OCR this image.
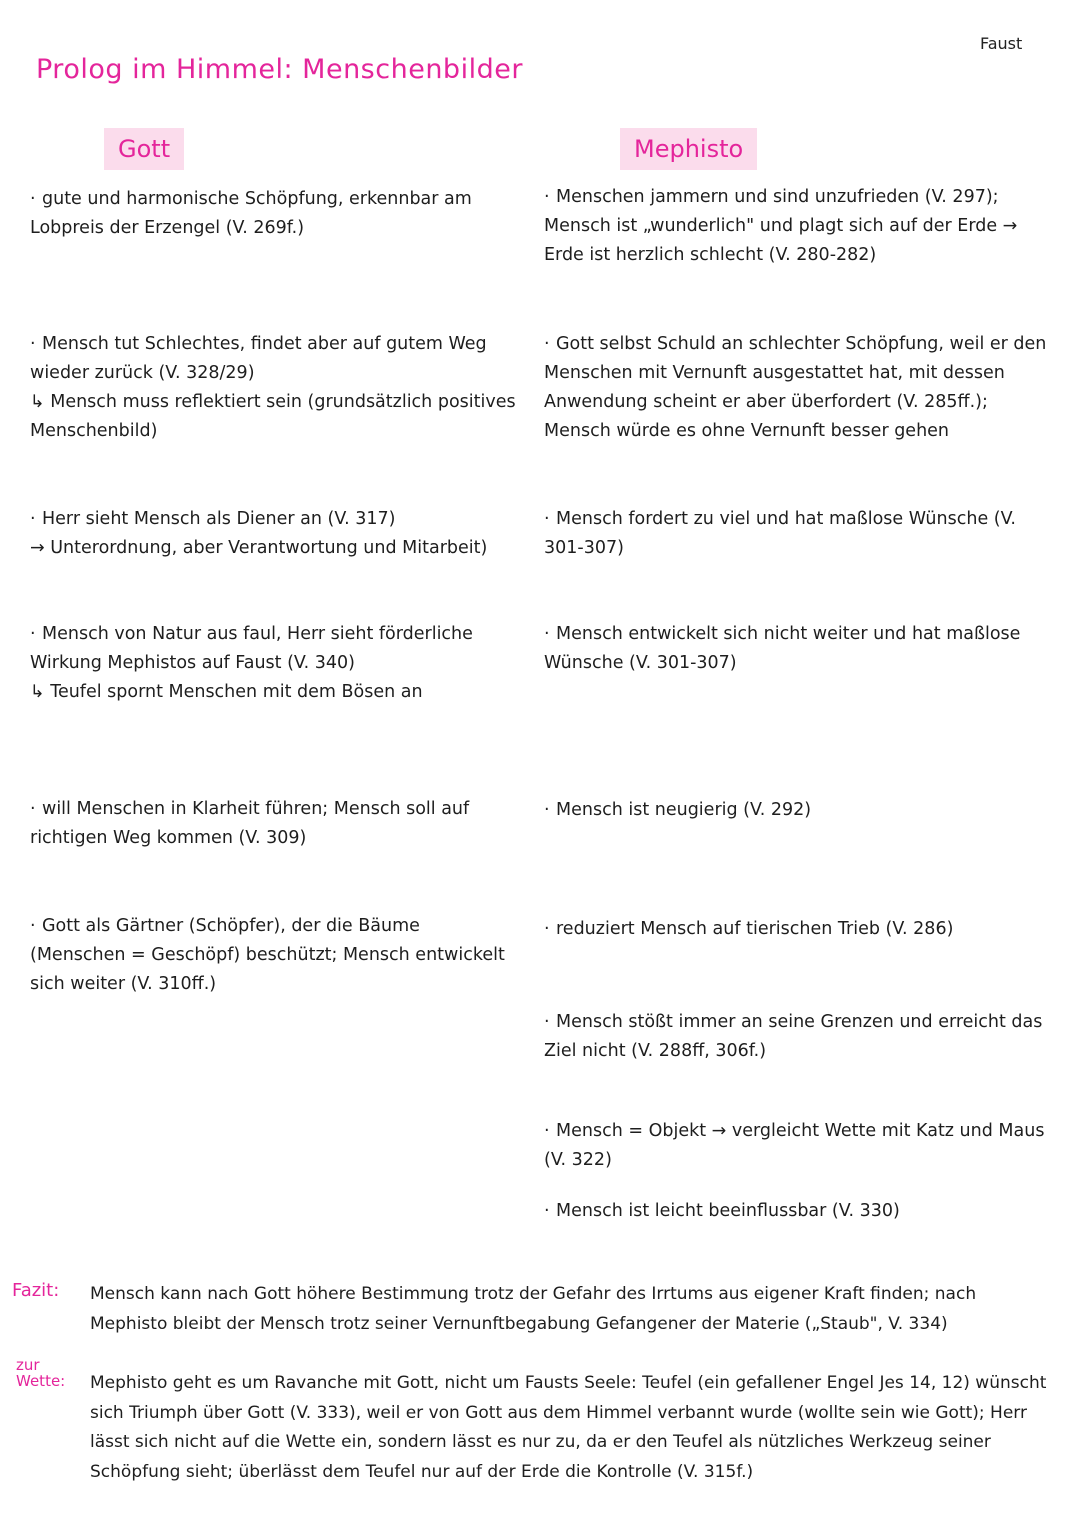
Faust
Prolog im Himmel: Menschenbilder
Gott	Mephisto
· gute und harmonische Schöpfung, erkennbar am Lobpreis der Erzengel (V. 269f.)
· Mensch tut Schlechtes, findet aber auf gutem Weg wieder zurück (V. 328/29)
↳ Mensch muss reflektiert sein (grundsätzlich positives Menschenbild)
· Herr sieht Mensch als Diener an (V. 317)
→ Unterordnung, aber Verantwortung und Mitarbeit)
· Mensch von Natur aus faul, Herr sieht förderliche Wirkung Mephistos auf Faust (V. 340)
↳ Teufel spornt Menschen mit dem Bösen an
· will Menschen in Klarheit führen; Mensch soll auf richtigen Weg kommen (V. 309)
· Gott als Gärtner (Schöpfer), der die Bäume (Menschen = Geschöpf) beschützt; Mensch entwickelt sich weiter (V. 310ff.)
· Menschen jammern und sind unzufrieden (V. 297); Mensch ist „wunderlich" und plagt sich auf der Erde → Erde ist herzlich schlecht (V. 280-282)
· Gott selbst Schuld an schlechter Schöpfung, weil er den Menschen mit Vernunft ausgestattet hat, mit dessen Anwendung scheint er aber überfordert (V. 285ff.); Mensch würde es ohne Vernunft besser gehen
· Mensch fordert zu viel und hat maßlose Wünsche (V. 301-307)
· Mensch entwickelt sich nicht weiter und hat maßlose Wünsche (V. 301-307)
· Mensch ist neugierig (V. 292)
· reduziert Mensch auf tierischen Trieb (V. 286)
· Mensch stößt immer an seine Grenzen und erreicht das Ziel nicht (V. 288ff, 306f.)
· Mensch = Objekt → vergleicht Wette mit Katz und Maus (V. 322)
· Mensch ist leicht beeinflussbar (V. 330)
Fazit: Mensch kann nach Gott höhere Bestimmung trotz der Gefahr des Irrtums aus eigener Kraft finden; nach Mephisto bleibt der Mensch trotz seiner Vernunftbegabung Gefangener der Materie („Staub", V. 334)
zur
Wette: Mephisto geht es um Ravanche mit Gott, nicht um Fausts Seele: Teufel (ein gefallener Engel Jes 14, 12) wünscht sich Triumph über Gott (V. 333), weil er von Gott aus dem Himmel verbannt wurde (wollte sein wie Gott); Herr lässt sich nicht auf die Wette ein, sondern lässt es nur zu, da er den Teufel als nützliches Werkzeug seiner Schöpfung sieht; überlässt dem Teufel nur auf der Erde die Kontrolle (V. 315f.)
